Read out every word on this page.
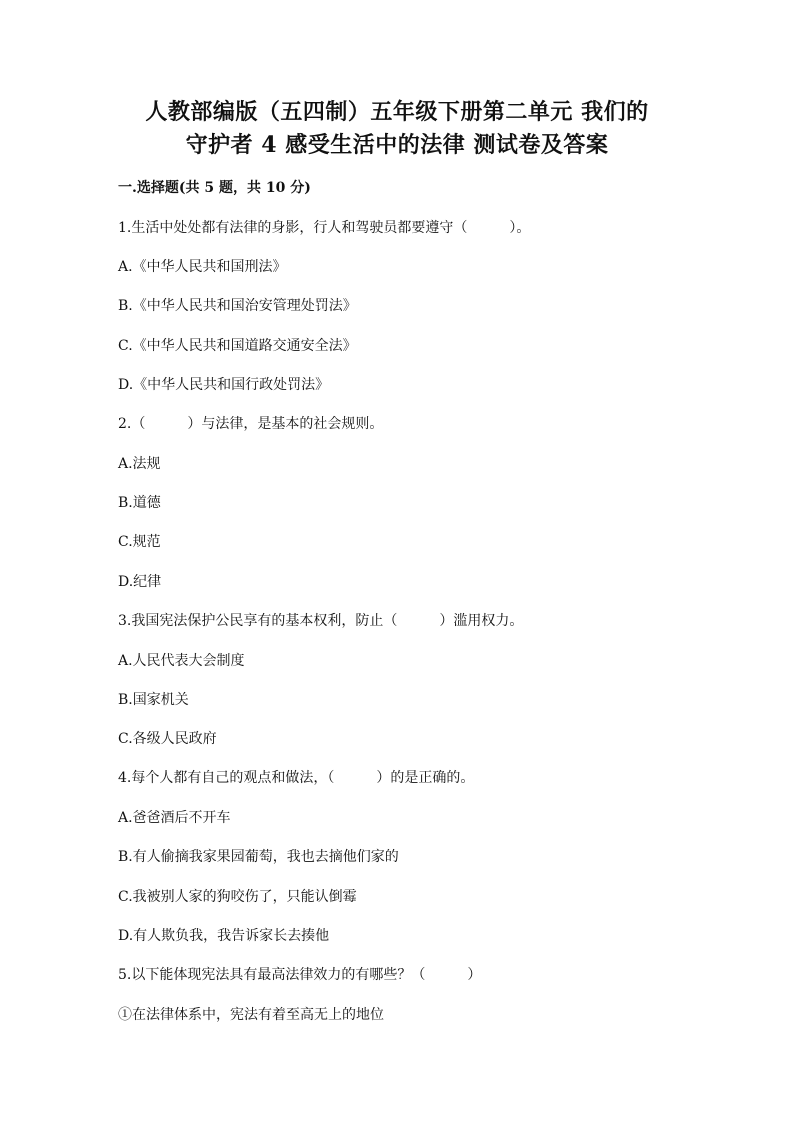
人教部编版（五四制）五年级下册第二单元 我们的
守护者 4 感受生活中的法律 测试卷及答案
一.选择题(共 5 题，共 10 分)
1.生活中处处都有法律的身影，行人和驾驶员都要遵守（　　　）。
A.《中华人民共和国刑法》
B.《中华人民共和国治安管理处罚法》
C.《中华人民共和国道路交通安全法》
D.《中华人民共和国行政处罚法》
2.（　　　）与法律，是基本的社会规则。
A.法规
B.道德
C.规范
D.纪律
3.我国宪法保护公民享有的基本权利，防止（　　　）滥用权力。
A.人民代表大会制度
B.国家机关
C.各级人民政府
4.每个人都有自己的观点和做法，（　　　）的是正确的。
A.爸爸酒后不开车
B.有人偷摘我家果园葡萄，我也去摘他们家的
C.我被别人家的狗咬伤了，只能认倒霉
D.有人欺负我，我告诉家长去揍他
5.以下能体现宪法具有最高法律效力的有哪些？（　　　）
①在法律体系中，宪法有着至高无上的地位
